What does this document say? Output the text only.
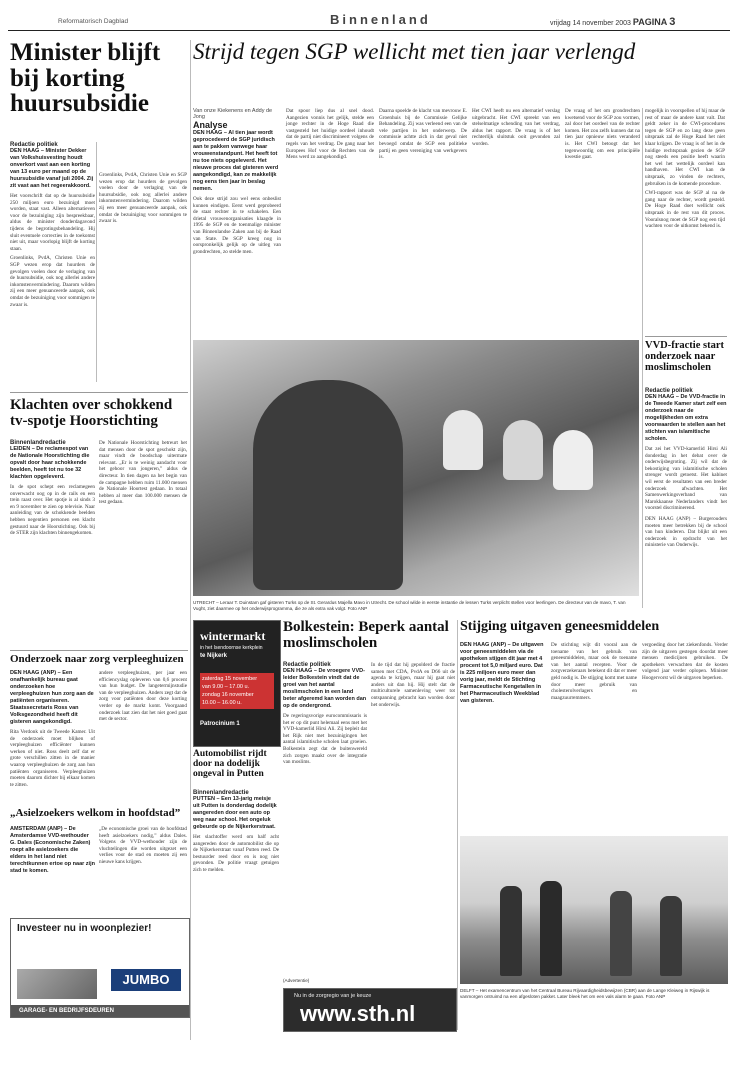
Reformatorisch Dagblad	Binnenland	vrijdag 14 november 2003 PAGINA 3
Minister blijft bij korting huursubsidie
Strijd tegen SGP wellicht met tien jaar verlengd
Redactie politiek
DEN HAAG – Minister Dekker van Volkshuisvesting houdt onverkort vast aan een korting van 13 euro per maand op de huursubsidie vanaf juli 2004. Zij zit vast aan het regeerakkoord.
Het voorschrift dat op de huursubsidie 250 miljoen euro bezuinigd moet worden, staat vast. Alleen alternatieven voor de bezuiniging zijn bespreekbaar, aldus de minister donderdagavond tijdens de begrotingsbehandeling. Hij sluit eventuele correcties in de toekomst niet uit, maar voorlopig blijft de korting staan.
Groenlinks, PvdA, Christen Unie en SGP wezen erop dat huurders de gevolgen voelen door de verlaging van de huursubsidie, ook nog allerlei andere inkomstenvermindering. Daarom wilden zij een meer genuanceerde aanpak, ook omdat de bezuiniging voor sommigen te zwaar is.
Groenlinks, PvdA, Christen Unie en SGP wezen erop dat huurders de gevolgen voelen door de verlaging van de huursubsidie, ook nog allerlei andere inkomstenvermindering. Daarom wilden zij een meer genuanceerde aanpak, ook omdat de bezuiniging voor sommigen te zwaar is.
Van onze Kiekenens en Addy de Jong
Analyse
DEN HAAG – Al tien jaar wordt geprocedeerd de SGP juridisch aan te pakken vanwege haar vrouwenstandpunt. Het heeft tot nu toe niets opgeleverd. Het nieuwe proces dat gisteren werd aangekondigd, kan ze makkelijk nog eens tien jaar in beslag nemen.
Ook deze strijd zou wel eens onbeslist kunnen eindigen. Eerst werd geprobeerd de staat rechter in te schakelen. Een drietal vrouwenorganisaties klaagde in 1995 de SGP en de toenmalige minister van Binnenlandse Zaken aan bij de Raad van State. De SGP kreeg nog in oorspronkelijk gelijk op de uitleg van grondrechten, zo stelde men.
Dat spoor liep dus al snel dood. Aangezien vonnis het gelijk, stelde een jonge rechter in de Hoge Raad die vastgesteld het huidige oordeel inhoudt dat de partij niet discrimineert volgens de regels van het verdrag. De gang naar het Europees Hof voor de Rechten van de Mens werd zo aangekondigd.
Daarna spoelde de klacht van mevrouw E. Groenhuis bij de Commissie Gelijke Behandeling. Zij was verleend een van de vele partijen in het onderwerp. De commissie achtte zich in dat geval niet bevoegd omdat de SGP een politieke partij en geen vereniging van werkgevers is.
Het CWI heeft nu een alternatief verslag uitgebracht. Het CWI spreekt van een stelselmatige schending van het verdrag, aldus het rapport. De vraag is of het rechterlijk sluitstuk ooit gevonden zal worden.
De vraag of het om grondrechten kwetsend voor de SGP zou vormen, zal door het oordeel van de rechter komen. Het zou zelfs kunnen dat na tien jaar opnieuw niets veranderd is. Het CWI betoogt dat het tegenwoordig om een principiële kwestie gaat.
mogelijk in voorspellen of hij maar de rest of maar de andere kant valt. Dat geldt zeker in de CWI-procedures tegen de SGP en zo lang deze geen uitspraak zal de Hoge Raad het niet klaar krijgen. De vraag is of het in de huidige rechtspraak gezien de SGP nog steeds een positie heeft waarin het wel het wettelijk oordeel kan handhaven. Het CWI kan de uitspraak, zo vinden de rechters, gebruiken in de komende procedure.
CWI-rapport was de SGP al na de gang naar de rechter, wordt gesteld. De Hoge Raad doet wellicht ook uitspraak in de rest van dit proces. Vooralsnog moet de SGP nog een tijd wachten voor de uitkomst bekend is.
Klachten over schokkend tv-spotje Hoorstichting
Binnenlandredactie
LEIDEN – De reclamespot van de Nationale Hoorstichting die opvalt door haar schokkende beelden, heeft tot nu toe 32 klachten opgeleverd.
In de spot schept een reclamegeen onverwacht oog op in de rails en een trein raast over. Het spotje is al sinds 3 en 9 november te zien op televisie. Naar aanleiding van de schokkende beelden hebben negentien personen een klacht gestuurd naar de Hoorstichting. Ook bij de STER zijn klachten binnengekomen.
De Nationale Hoorstichting betreurt het dat mensen door de spot geschokt zijn, maar vindt de boodschap uitermate relevant. „Er is te weinig aandacht voor het gehoor van jongeren,” aldus de directeur. In tien dagen na het begin van de campagne hebben ruim 11.000 mensen de Nationale Hoortest gedaan. In totaal hebben al meer dan 100.000 mensen de test gedaan.
UTRECHT – Leraar T. Duinstam gaf gisteren Turks op de St. Gerardus Majella Mavo in Utrecht. De school wilde in eerste instantie de lessen Turks verplicht stellen voor leerlingen. De directeur van de mavo, T. van Vught, ziet daarmee op het onderwijsprogramma, die ze als extra vak volgt. Foto ANP
VVD-fractie start onderzoek naar moslimscholen
Redactie politiek
DEN HAAG – De VVD-fractie in de Tweede Kamer start zelf een onderzoek naar de mogelijkheden om extra voorwaarden te stellen aan het stichten van islamitische scholen.
Dat zei het VVD-kamerlid Hirsi Ali donderdag in het debat over de onderwijsbegroting. Zij wil dat de bekostiging van islamitische scholen strenger wordt getoetst. Het kabinet wil eerst de resultaten van een breder onderzoek afwachten. Het Samenwerkingsverband van Marokkaanse Nederlanders vindt het voorstel discriminerend.
DEN HAAG (ANP) – Burgerouders moeten meer betrekken bij de school van hun kinderen. Dat blijkt uit een onderzoek in opdracht van het ministerie van Onderwijs.
Onderzoek naar zorg verpleeghuizen
DEN HAAG (ANP) – Een onafhankelijk bureau gaat onderzoeken hoe verpleeghuizen hun zorg aan de patiënten organiseren. Staatssecretaris Ross van Volksgezondheid heeft dit gisteren aangekondigd.
Rita Verdonk uit de Tweede Kamer. Uit de onderzoek moet blijken of verpleeghuizen efficiënter kunnen werken of niet. Ross deelt zelf dat er grote verschillen zitten in de manier waarop verpleeghuizen de zorg aan hun patiënten organiseren. Verpleeghuizen moeten daarom dichter bij elkaar komen te zitten.
andere verpleeghuizen, per jaar een efficiencyslag opleveren van 0,6 procent van hun budget. De langetermijnstudie van de verpleeghuizen. Anders zegt dat de zorg voor patiënten door deze korting verder op de markt komt. Voorgaand onderzoek laat zien dat het niet goed gaat met de sector.
„Asielzoekers welkom in hoofdstad”
AMSTERDAM (ANP) – De Amsterdamse VVD-wethouder G. Dales (Economische Zaken) roept alle asielzoekers die elders in het land niet terechtkunnen ertoe op naar zijn stad te komen.
„De economische groei van de hoofdstad heeft asielzoekers nodig,” aldus Dales. Volgens de VVD-wethouder zijn de vluchtelingen die worden uitgezet een verlies voor de stad en moeten zij een nieuwe kans krijgen.
Investeer nu in woonplezier!
JUMBO
GARAGE- EN BEDRIJFSDEUREN
wintermarkt
in het Isendoornse kerkplein
te Nijkerk
zaterdag 15 november
van 9.00 – 17.00 u.
zondag 16 november
10.00 – 16.00 u.
Patrocinium 1
Automobilist rijdt door na dodelijk ongeval in Putten
Binnenlandredactie
PUTTEN – Een 13-jarig meisje uit Putten is donderdag dodelijk aangereden door een auto op weg naar school. Het ongeluk gebeurde op de Nijkerkerstraat.
Het slachtoffer werd om half acht aangereden door de automobilist die op de Nijkerkerstraat vanaf Putten reed. De bestuurder reed door en is nog niet gevonden. De politie vraagt getuigen zich te melden.
Bolkestein: Beperk aantal moslimscholen
Redactie politiek
DEN HAAG – De vroegere VVD-leider Bolkestein vindt dat de groei van het aantal moslimscholen in een land beter afgeremd kan worden dan op de ondergrond.
De regeringsvorige eurocommissaris is het er op dit punt helemaal eens met het VVD-kamerlid Hirsi Ali. Zij bepleit dat het Rijk niet met bezuinigingen het aantal islamitische scholen laat groeien. Bolkestein zegt dat de buitenwereld zich zorgen maakt over de integratie van moslims.
In de tijd dat hij gepolderd de fractie samen met CDA, PvdA en D66 uit de agenda te krijgen, maar hij gaat niet anders uit dan hij. Hij stelt dat de multiculturele samenleving weer tot ontspanning gebracht kan worden door het onderwijs.
Stijging uitgaven geneesmiddelen
DEN HAAG (ANP) – De uitgaven voor geneesmiddelen via de apotheken stijgen dit jaar met 4 procent tot 5,0 miljard euro. Dat is 225 miljoen euro meer dan vorig jaar, meldt de Stichting Farmaceutische Kengetallen in het Pharmaceutisch Weekblad van gisteren.
De stichting wijt dit vooral aan de toename van het gebruik van geneesmiddelen, maar ook de toename van het aantal recepten. Voor de zorgverzekeraars betekent dit dat er meer geld nodig is. De stijging komt met name door meer gebruik van cholesterolverlagers en maagzuurremmers.
vergoeding door het ziekenfonds. Verder zijn de uitgaven gestegen doordat meer mensen medicijnen gebruiken. De apothekers verwachten dat de kosten volgend jaar verder oplopen. Minister Hoogervorst wil de uitgaven beperken.
DELFT – Het examencentrum van het Centraal Bureau Rijvaardigheidsbewijzen (CBR) aan de Lange Kleiweg in Rijswijk is vanmorgen ontruimd na een afgesloten pakket. Later bleek het om een vals alarm te gaan. Foto ANP
Nu in de zorgregio van je keuze
www.sth.nl
(Advertentie)
